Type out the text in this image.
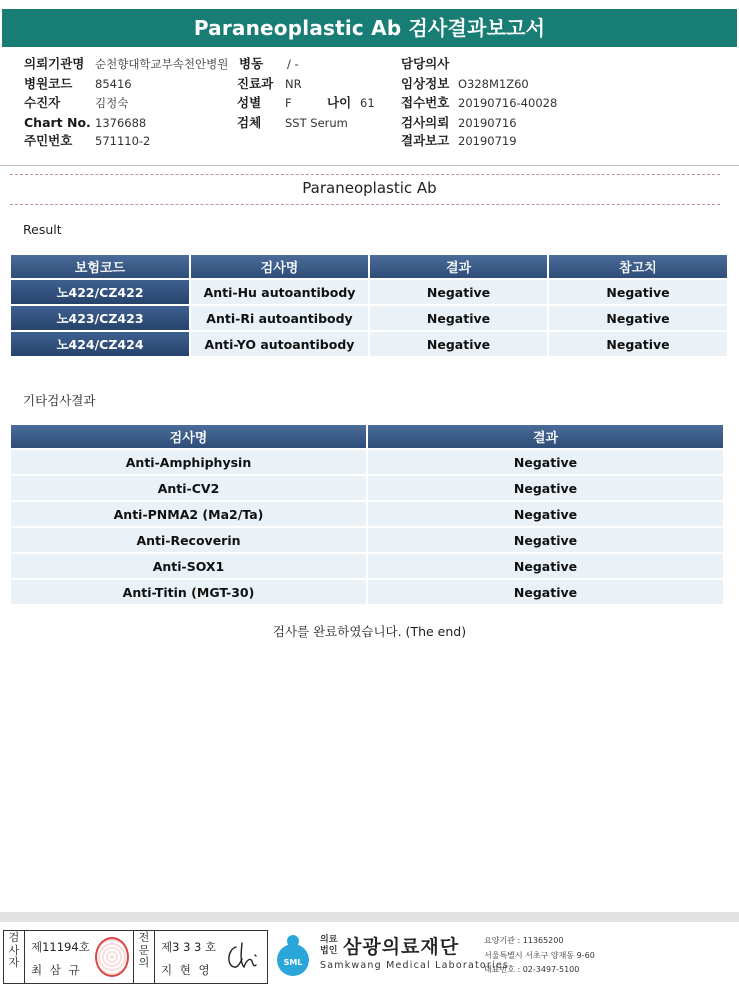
Paraneoplastic Ab 검사결과보고서
의뢰기관명 순천향대학교부속천안병원
병원코드 85416
수진자	김정숙
Chart No. 1376688
주민번호 571110-2
병동 / -
진료과 NR
성별 F	나이 61
검체 SST Serum
담당의사
임상정보 O328M1Z60
접수번호 20190716-40028
검사의뢰 20190716
결과보고 20190719
Paraneoplastic Ab
Result
보험코드	검사명	결과	참고치
노422/CZ422	Anti-Hu autoantibody	Negative	Negative
노423/CZ423	Anti-Ri autoantibody	Negative	Negative
노424/CZ424	Anti-YO autoantibody	Negative	Negative
기타검사결과
검사명	결과
Anti-Amphiphysin	Negative
Anti-CV2	Negative
Anti-PNMA2 (Ma2/Ta)	Negative
Anti-Recoverin	Negative
Anti-SOX1	Negative
Anti-Titin (MGT-30)	Negative
검사를 완료하였습니다. (The end)
검사자
제11194호
최 삼 규
전문의
제3 3 3 호
지 현 영
SML
의료
법인 삼광의료재단
Samkwang Medical Laboratories
요양기관 : 11365200
서울특별시 서초구 양재동 9-60
대표번호 : 02-3497-5100
